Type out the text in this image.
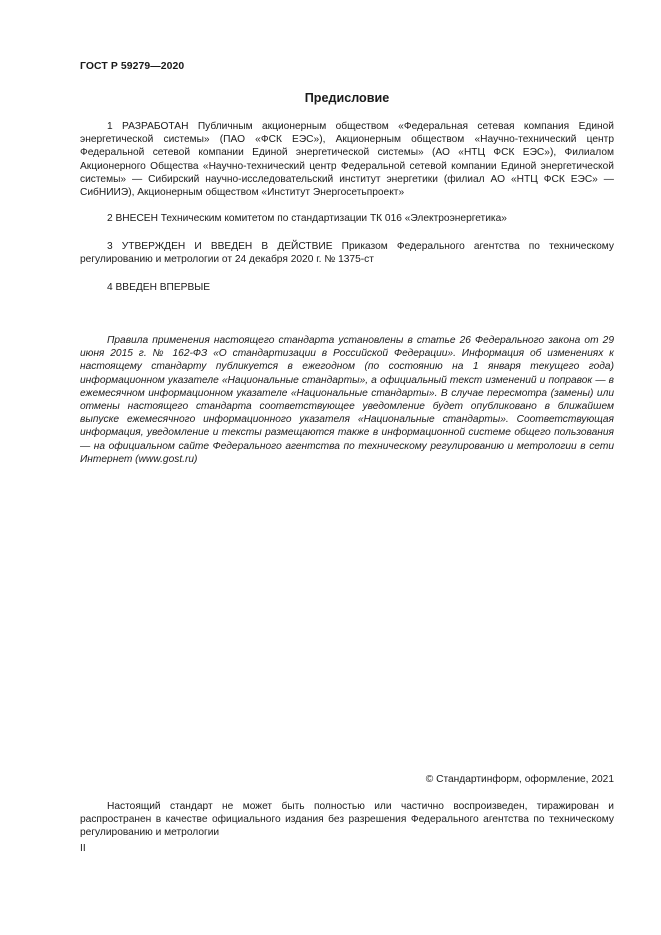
ГОСТ Р 59279—2020
Предисловие

1 РАЗРАБОТАН Публичным акционерным обществом «Федеральная сетевая компания Единой энергетической системы» (ПАО «ФСК ЕЭС»), Акционерным обществом «Научно-технический центр Федеральной сетевой компании Единой энергетической системы» (АО «НТЦ ФСК ЕЭС»), Филиалом Акционерного Общества «Научно-технический центр Федеральной сетевой компании Единой энергетической системы» — Сибирский научно-исследовательский институт энергетики (филиал АО «НТЦ ФСК ЕЭС» — СибНИИЭ), Акционерным обществом «Институт Энергосетьпроект»

2 ВНЕСЕН Техническим комитетом по стандартизации ТК 016 «Электроэнергетика»

3 УТВЕРЖДЕН И ВВЕДЕН В ДЕЙСТВИЕ Приказом Федерального агентства по техническому регулированию и метрологии от 24 декабря 2020 г. № 1375-ст

4 ВВЕДЕН ВПЕРВЫЕ

Правила применения настоящего стандарта установлены в статье 26 Федерального закона от 29 июня 2015 г. № 162-ФЗ «О стандартизации в Российской Федерации». Информация об изменениях к настоящему стандарту публикуется в ежегодном (по состоянию на 1 января текущего года) информационном указателе «Национальные стандарты», а официальный текст изменений и поправок — в ежемесячном информационном указателе «Национальные стандарты». В случае пересмотра (замены) или отмены настоящего стандарта соответствующее уведомление будет опубликовано в ближайшем выпуске ежемесячного информационного указателя «Национальные стандарты». Соответствующая информация, уведомление и тексты размещаются также в информационной системе общего пользования — на официальном сайте Федерального агентства по техническому регулированию и метрологии в сети Интернет (www.gost.ru)

© Стандартинформ, оформление, 2021

Настоящий стандарт не может быть полностью или частично воспроизведен, тиражирован и распространен в качестве официального издания без разрешения Федерального агентства по техническому регулированию и метрологии

II
